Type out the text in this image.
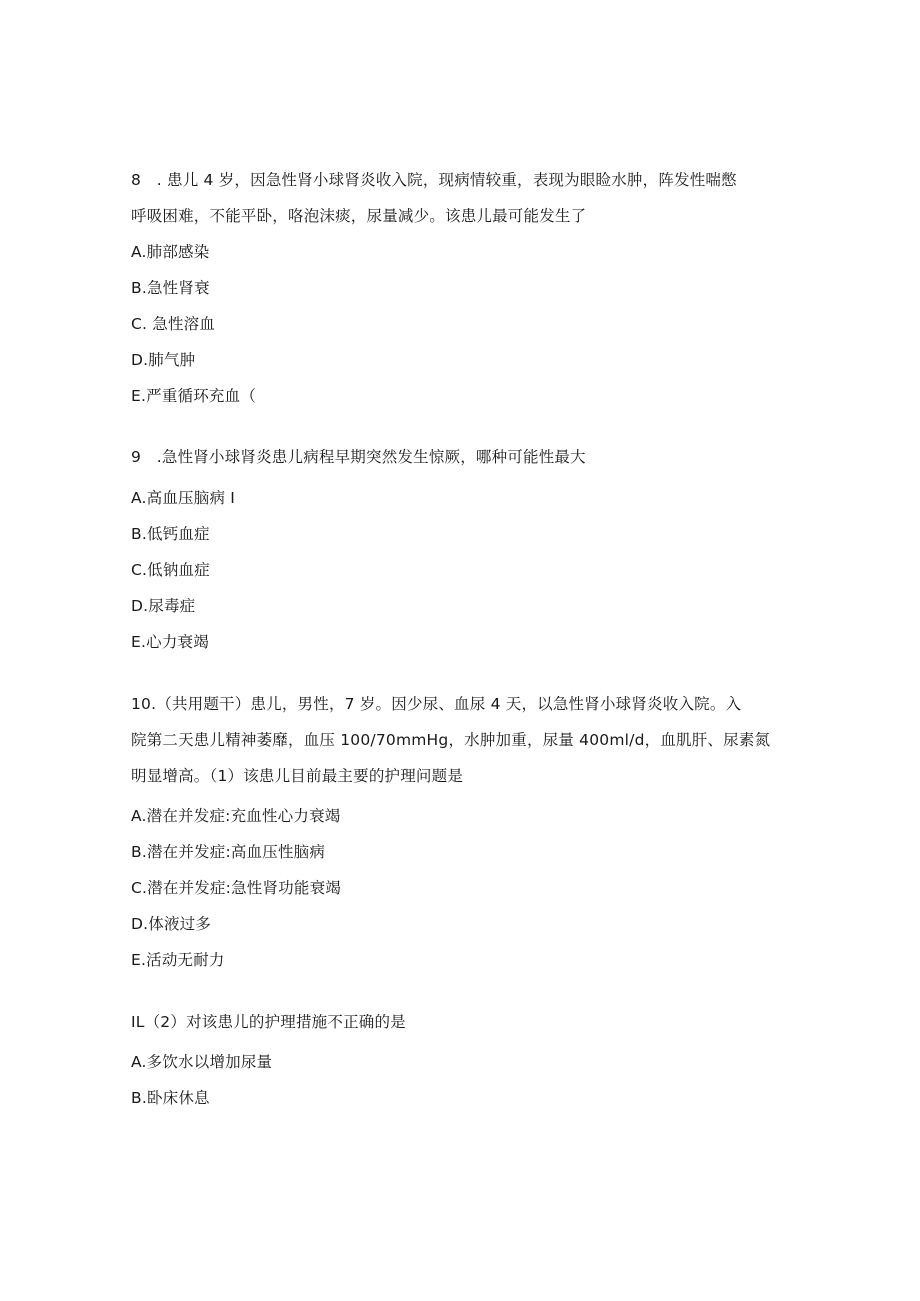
8　. 患儿 4 岁，因急性肾小球肾炎收入院，现病情较重，表现为眼睑水肿，阵发性喘憋
呼吸困难，不能平卧，咯泡沫痰，尿量减少。该患儿最可能发生了
A.肺部感染
B.急性肾衰
C. 急性溶血
D.肺气肿
E.严重循环充血（
9　.急性肾小球肾炎患儿病程早期突然发生惊厥，哪种可能性最大
A.高血压脑病 I
B.低钙血症
C.低钠血症
D.尿毒症
E.心力衰竭
10.（共用题干）患儿，男性，7 岁。因少尿、血尿 4 天，以急性肾小球肾炎收入院。入
院第二天患儿精神萎靡，血压 100/70mmHg，水肿加重，尿量 400ml/d，血肌肝、尿素氮
明显增高。（1）该患儿目前最主要的护理问题是
A.潜在并发症:充血性心力衰竭
B.潜在并发症:高血压性脑病
C.潜在并发症:急性肾功能衰竭
D.体液过多
E.活动无耐力
IL（2）对该患儿的护理措施不正确的是
A.多饮水以增加尿量
B.卧床休息
